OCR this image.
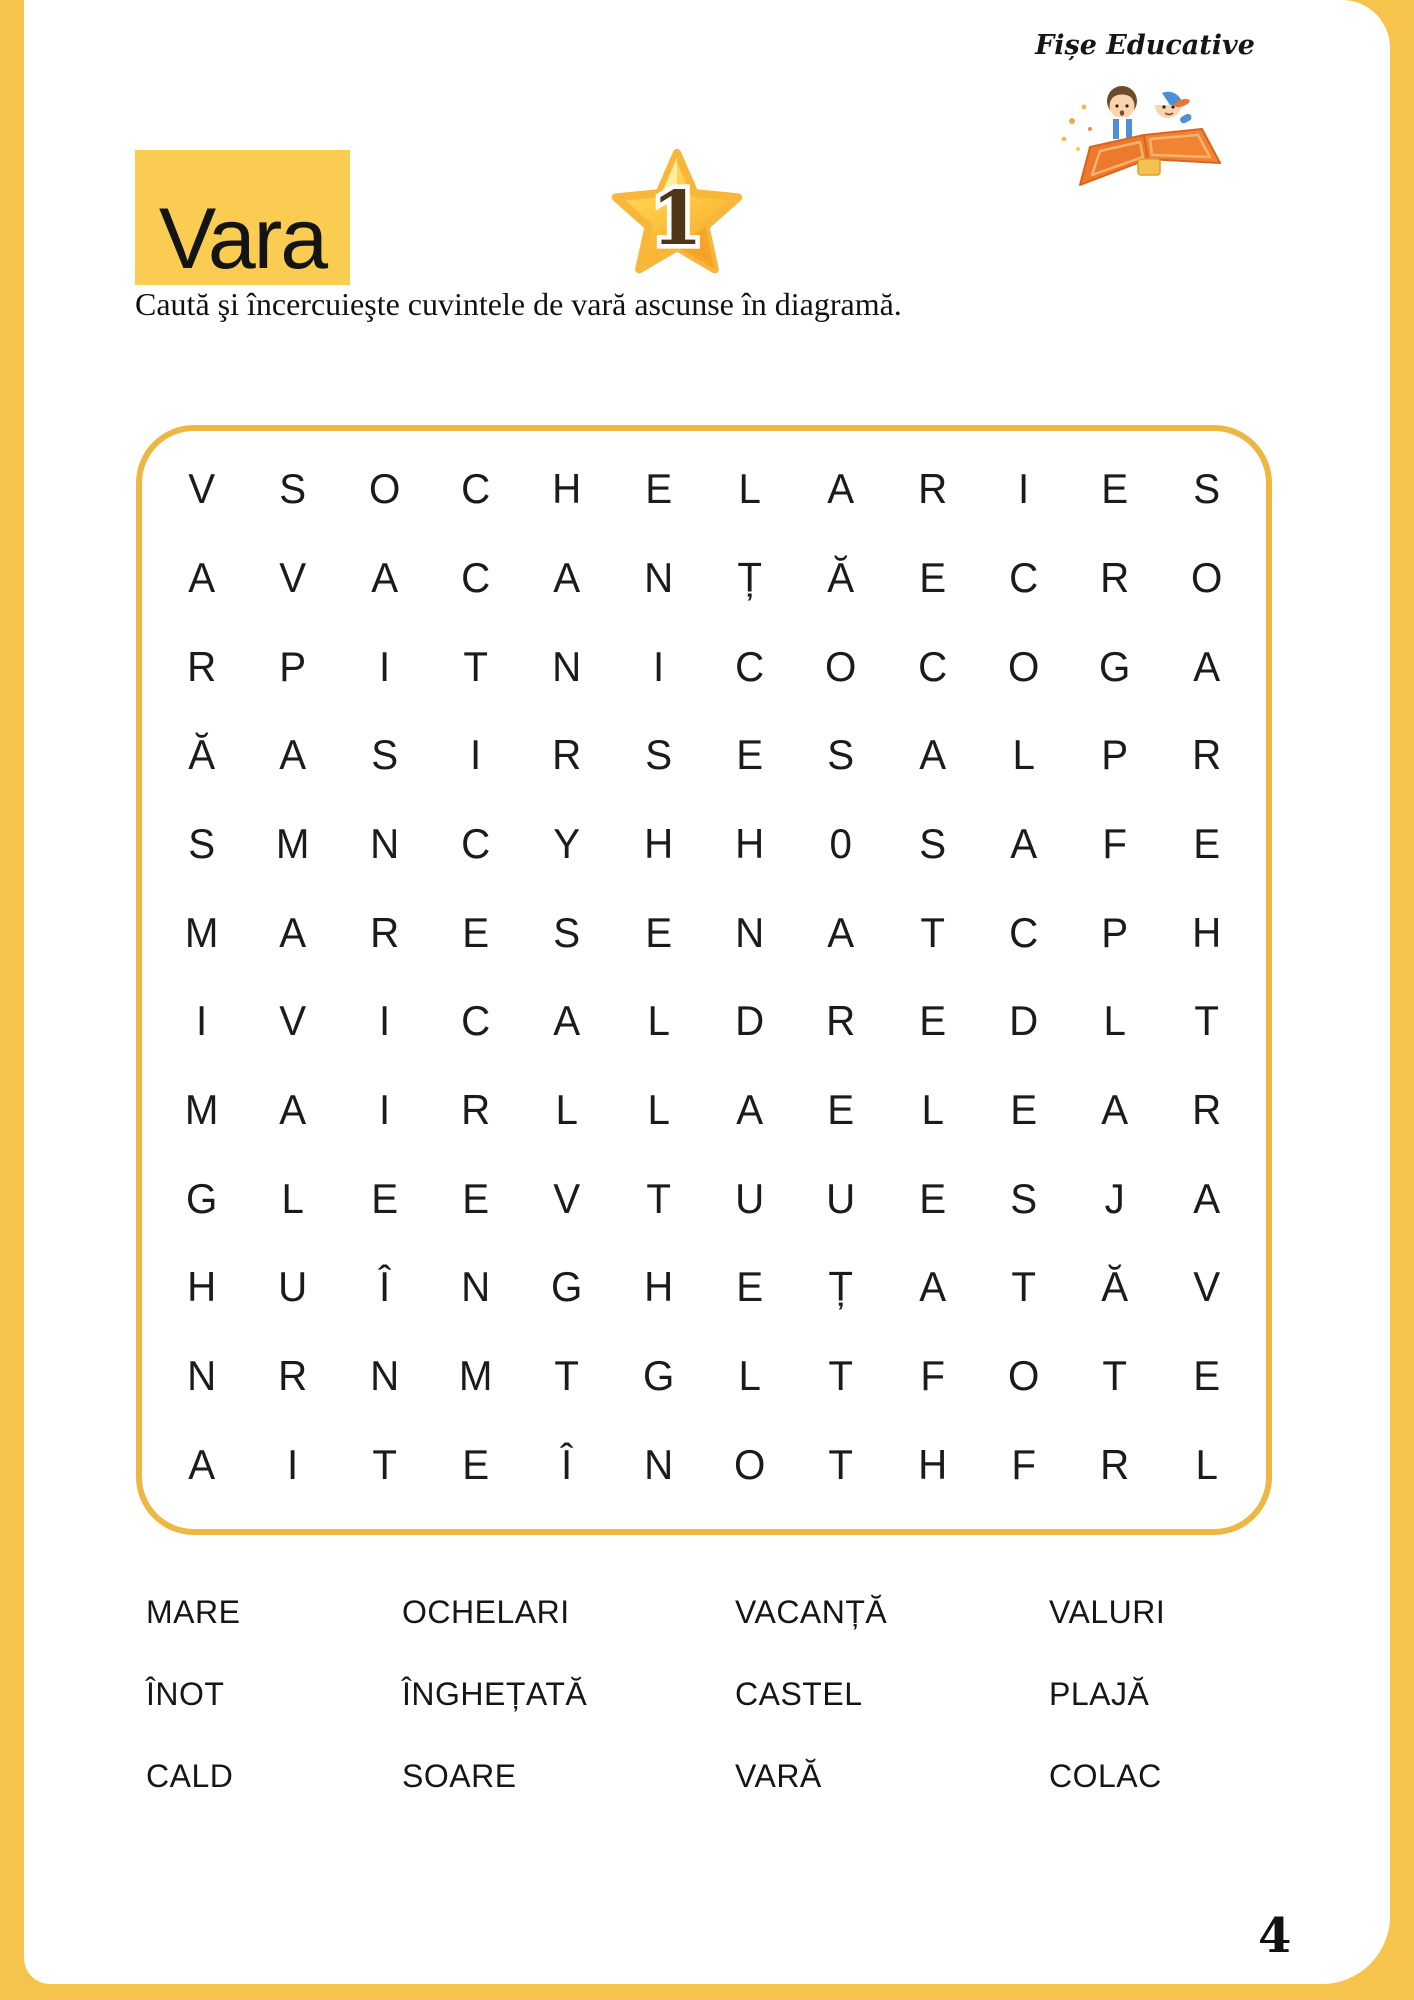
Vara	1
Fișe Educative
Caută şi încercuieşte cuvintele de vară ascunse în diagramă.
V	S	O	C	H	E	L	A	R	I	E	S
A	V	A	C	A	N	Ț	Ă	E	C	R	O
R	P	I	T	N	I	C	O	C	O	G	A
Ă	A	S	I	R	S	E	S	A	L	P	R
S	M	N	C	Y	H	H	0	S	A	F	E
M	A	R	E	S	E	N	A	T	C	P	H
I	V	I	C	A	L	D	R	E	D	L	T
M	A	I	R	L	L	A	E	L	E	A	R
G	L	E	E	V	T	U	U	E	S	J	A
H	U	Î	N	G	H	E	Ț	A	T	Ă	V
N	R	N	M	T	G	L	T	F	O	T	E
A	I	T	E	Î	N	O	T	H	F	R	L
MARE	OCHELARI	VACANȚĂ	VALURI
ÎNOT	ÎNGHEȚATĂ	CASTEL	PLAJĂ
CALD	SOARE	VARĂ	COLAC
4
